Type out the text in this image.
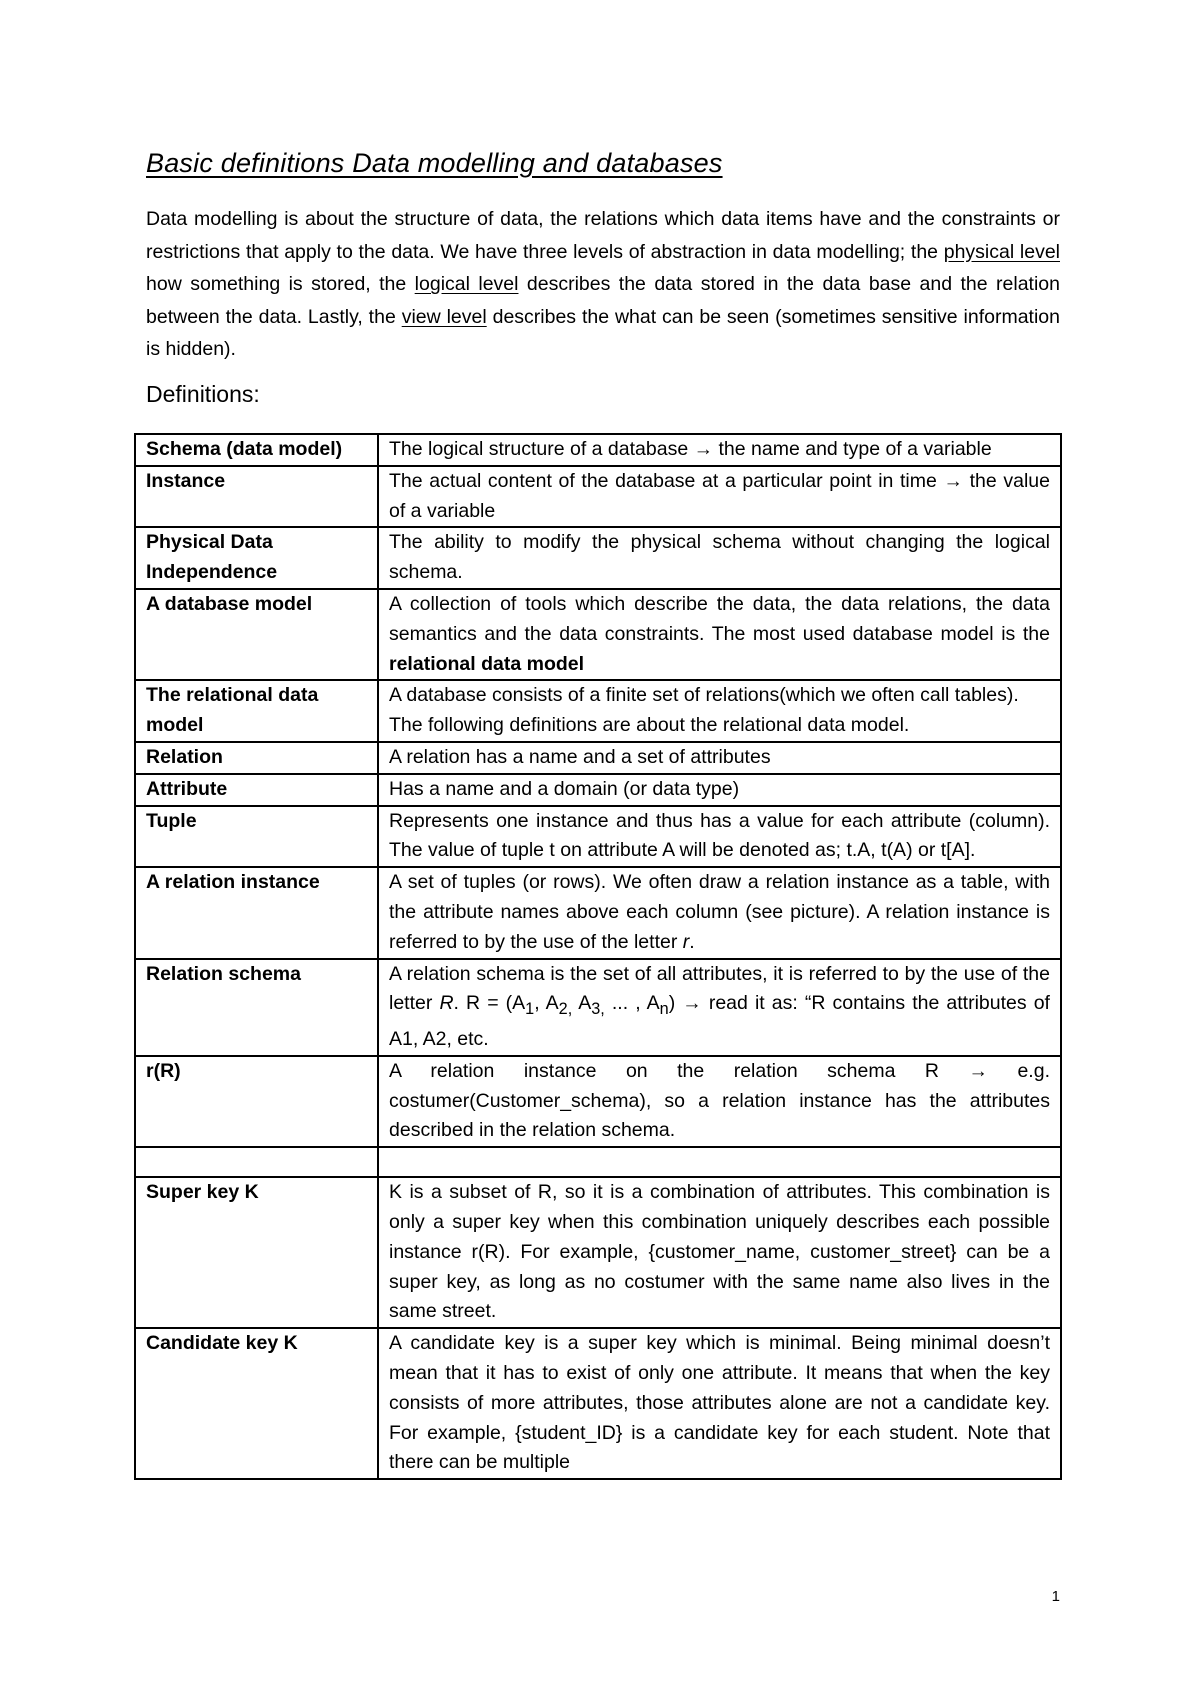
Basic definitions Data modelling and databases

Data modelling is about the structure of data, the relations which data items have and the constraints or restrictions that apply to the data. We have three levels of abstraction in data modelling; the physical level how something is stored, the logical level describes the data stored in the data base and the relation between the data. Lastly, the view level describes the what can be seen (sometimes sensitive information is hidden).

Definitions:
Schema (data model)	The logical structure of a database → the name and type of a variable
Instance	The actual content of the database at a particular point in time → the value of a variable
Physical Data Independence	The ability to modify the physical schema without changing the logical schema.
A database model	A collection of tools which describe the data, the data relations, the data semantics and the data constraints. The most used database model is the relational data model
The relational data model	A database consists of a finite set of relations(which we often call tables).
The following definitions are about the relational data model.

Relation	A relation has a name and a set of attributes
Attribute	Has a name and a domain (or data type)
Tuple	Represents one instance and thus has a value for each attribute (column). The value of tuple t on attribute A will be denoted as; t.A, t(A) or t[A].
A relation instance	A set of tuples (or rows). We often draw a relation instance as a table, with the attribute names above each column (see picture). A relation instance is referred to by the use of the letter r.
Relation schema	A relation schema is the set of all attributes, it is referred to by the use of the letter R. $R = (A_1$, $A_{2,}$ $A_{3,}$ ... , $A_n$) → read it as: “R contains the attributes of A1, A2, etc.
r(R)	A relation instance on the relation schema R → e.g. costumer(Customer_schema), so a relation instance has the attributes described in the relation schema.

Super key K	K is a subset of R, so it is a combination of attributes. This combination is only a super key when this combination uniquely describes each possible instance r(R). For example, {customer_name, customer_street} can be a super key, as long as no costumer with the same name also lives in the same street.
Candidate key K	A candidate key is a super key which is minimal. Being minimal doesn’t mean that it has to exist of only one attribute. It means that when the key consists of more attributes, those attributes alone are not a candidate key. For example, {student_ID} is a candidate key for each student. Note that there can be multiple
1
